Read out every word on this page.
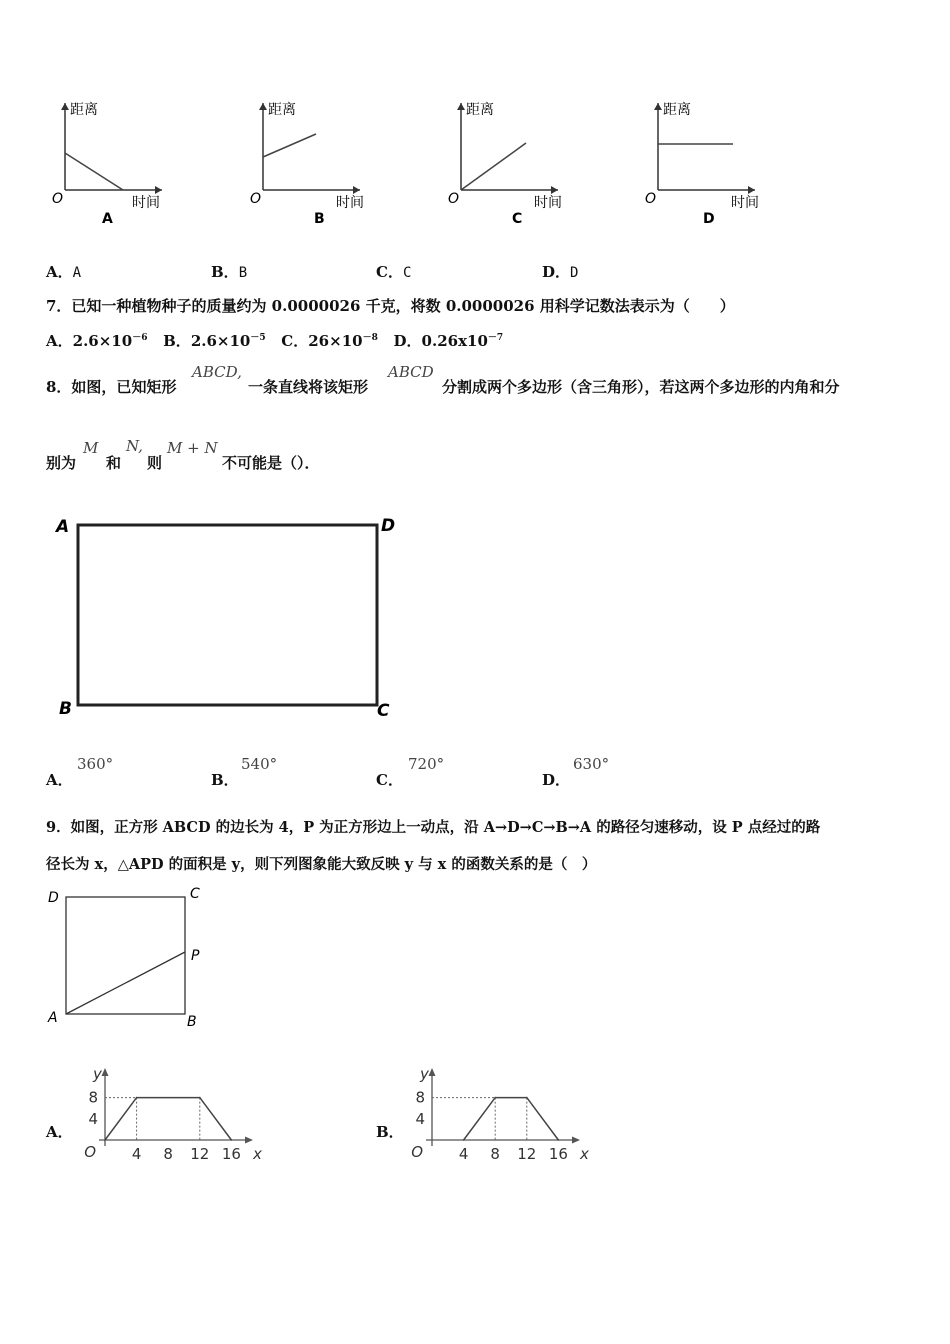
距离
时间
O
A
距离
时间
O
B
距离
时间
O
C
距离
时间
O
D
A．A	B．B	C．C	D．D
7．已知一种植物种子的质量约为 0.0000026 千克，将数 0.0000026 用科学记数法表示为（　　）
A．$2.6\times 10^{-6}$ B．$2.6\times 10^{-5}$ C．$26\times 10^{-8}$ D．$0.26x10^{-7}$
8．如图，已知矩形
ABCD,
一条直线将该矩形
ABCD
分割成两个多边形（含三角形），若这两个多边形的内角和分
别为
M
和
N,
则
M + N
不可能是（）．
A	D
B	C
A．
360°
B．
540°
C．
720°
D．
630°
9．如图，正方形 ABCD 的边长为 4，P 为正方形边上一动点，沿 A→D→C→B→A 的路径匀速移动，设 P 点经过的路
径长为 x，△APD 的面积是 y，则下列图象能大致反映 y 与 x 的函数关系的是（　）
D	C
P
A	B
A．	B．
4 8 12 16
8
4
O	x
y
4 8 12 16
8
4
O	x
y
